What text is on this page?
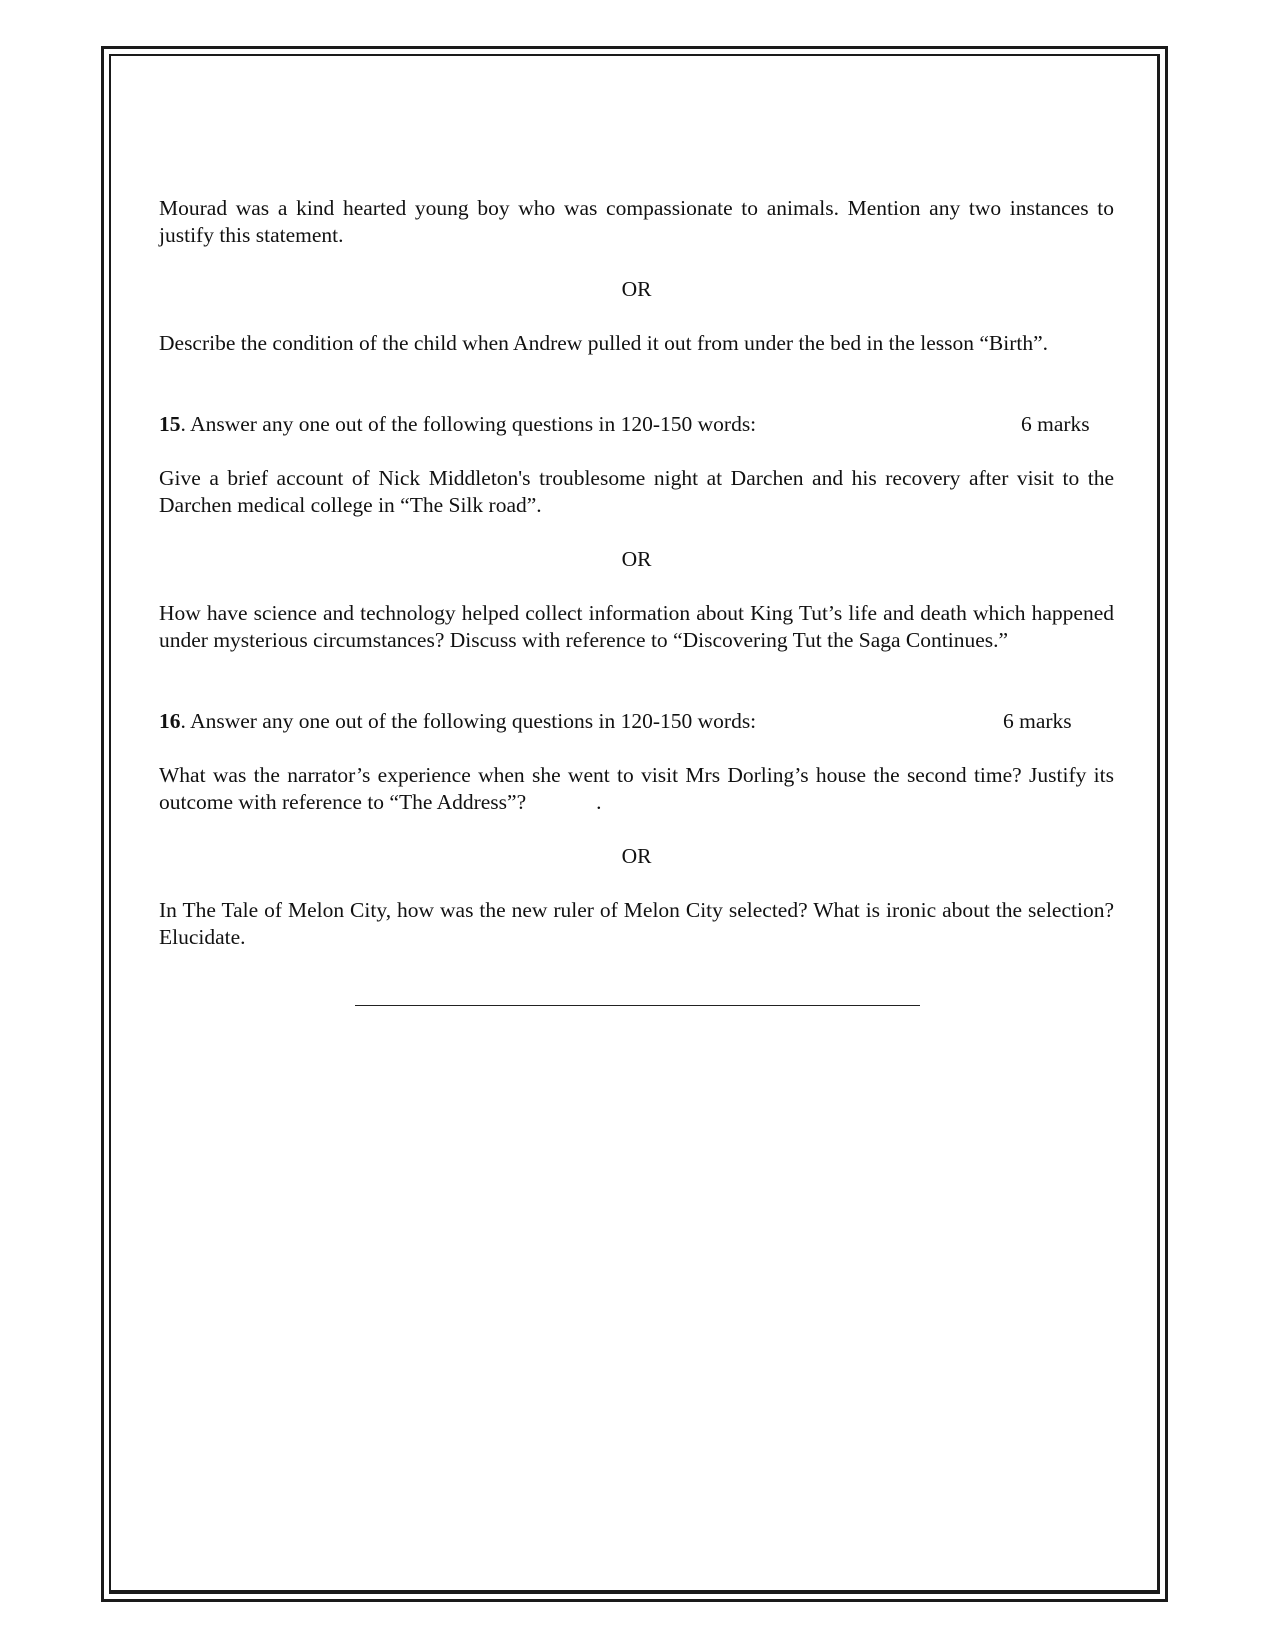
Mourad was a kind hearted young boy who was compassionate to animals. Mention any two instances to justify this statement.

OR

Describe the condition of the child when Andrew pulled it out from under the bed in the lesson “Birth”.

15. Answer any one out of the following questions in 120-150 words:	6 marks

Give a brief account of Nick Middleton's troublesome night at Darchen and his recovery after visit to the Darchen medical college in “The Silk road”.

OR

How have science and technology helped collect information about King Tut’s life and death which happened under mysterious circumstances? Discuss with reference to “Discovering Tut the Saga Continues.”

16. Answer any one out of the following questions in 120-150 words:	6 marks

What was the narrator’s experience when she went to visit Mrs Dorling’s house the second time? Justify its outcome with reference to “The Address”?	.

OR

In The Tale of Melon City, how was the new ruler of Melon City selected? What is ironic about the selection? Elucidate.
